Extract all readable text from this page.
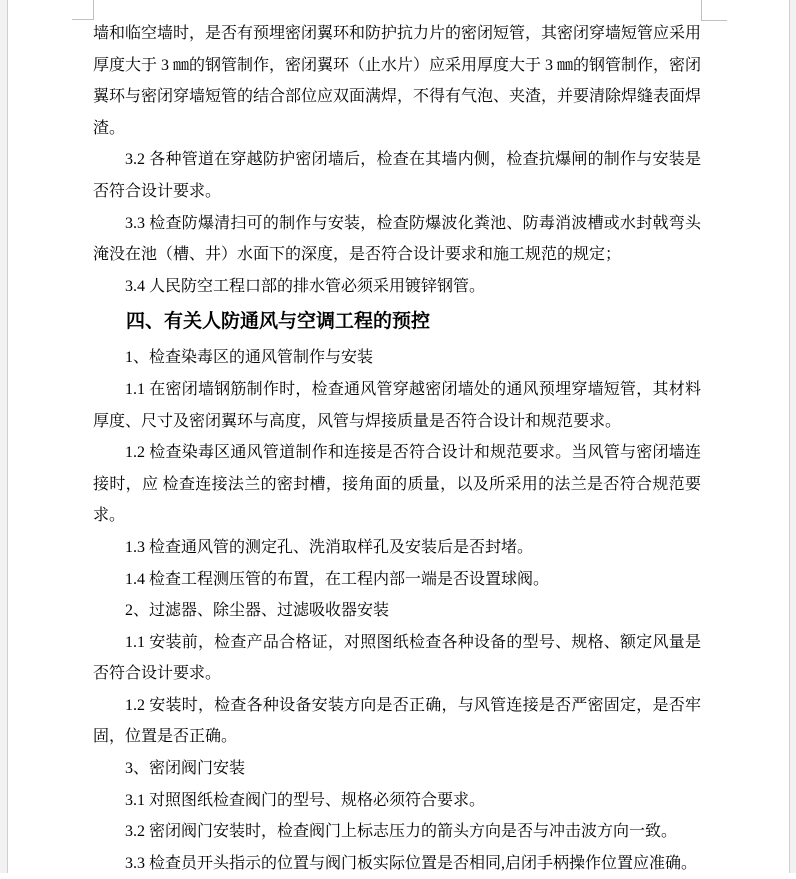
墙和临空墙时，是否有预埋密闭翼环和防护抗力片的密闭短管，其密闭穿墙短管应采用
厚度大于 3 ㎜的钢管制作，密闭翼环（止水片）应采用厚度大于 3 ㎜的钢管制作，密闭
翼环与密闭穿墙短管的结合部位应双面满焊，不得有气泡、夹渣，并要清除焊缝表面焊
渣。
3.2 各种管道在穿越防护密闭墙后，检查在其墙内侧，检查抗爆闸的制作与安装是
否符合设计要求。
3.3 检查防爆清扫可的制作与安装，检查防爆波化粪池、防毒消波槽或水封戟弯头
淹没在池（槽、井）水面下的深度，是否符合设计要求和施工规范的规定；
3.4 人民防空工程口部的排水管必须采用镀锌钢管。
四、有关人防通风与空调工程的预控
1、检查染毒区的通风管制作与安装
1.1 在密闭墙钢筋制作时，检查通风管穿越密闭墙处的通风预埋穿墙短管，其材料
厚度、尺寸及密闭翼环与高度，风管与焊接质量是否符合设计和规范要求。
1.2 检查染毒区通风管道制作和连接是否符合设计和规范要求。当风管与密闭墙连
接时，应 检查连接法兰的密封槽，接角面的质量，以及所采用的法兰是否符合规范要
求。
1.3 检查通风管的测定孔、洗消取样孔及安装后是否封堵。
1.4 检查工程测压管的布置，在工程内部一端是否设置球阀。
2、过滤器、除尘器、过滤吸收器安装
1.1 安装前，检查产品合格证，对照图纸检查各种设备的型号、规格、额定风量是
否符合设计要求。
1.2 安装时，检查各种设备安装方向是否正确，与风管连接是否严密固定，是否牢
固，位置是否正确。
3、密闭阀门安装
3.1 对照图纸检查阀门的型号、规格必须符合要求。
3.2 密闭阀门安装时，检查阀门上标志压力的箭头方向是否与冲击波方向一致。
3.3 检查员开头指示的位置与阀门板实际位置是否相同,启闭手柄操作位置应准确。
